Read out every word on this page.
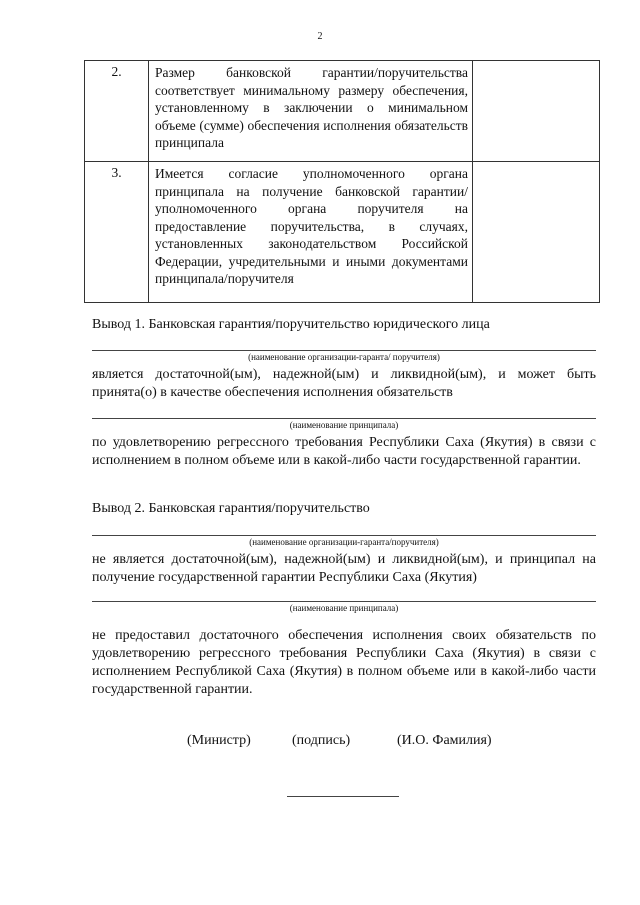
2
2.	Размер банковской гарантии/поручительства соответствует минимальному размеру обеспечения, установленному в заключении о минимальном объеме (сумме) обеспечения исполнения обязательств принципала	
3.	Имеется согласие уполномоченного органа принципала на получение банковской гарантии/уполномоченного органа поручителя на предоставление поручительства, в случаях, установленных законодательством Российской Федерации, учредительными и иными документами принципала/поручителя	
Вывод 1. Банковская гарантия/поручительство юридического лица
(наименование организации-гаранта/ поручителя)
является достаточной(ым), надежной(ым) и ликвидной(ым), и может быть принята(о) в качестве обеспечения исполнения обязательств
(наименование принципала)
по удовлетворению регрессного требования Республики Саха (Якутия) в связи с исполнением в полном объеме или в какой-либо части государственной гарантии.
Вывод 2. Банковская гарантия/поручительство
(наименование организации-гаранта/поручителя)
не является достаточной(ым), надежной(ым) и ликвидной(ым), и принципал на получение государственной гарантии Республики Саха (Якутия)
(наименование принципала)
не предоставил достаточного обеспечения исполнения своих обязательств по удовлетворению регрессного требования Республики Саха (Якутия) в связи с исполнением Республикой Саха (Якутия) в полном объеме или в какой-либо части государственной гарантии.
(Министр)	(подпись)	(И.О. Фамилия)
